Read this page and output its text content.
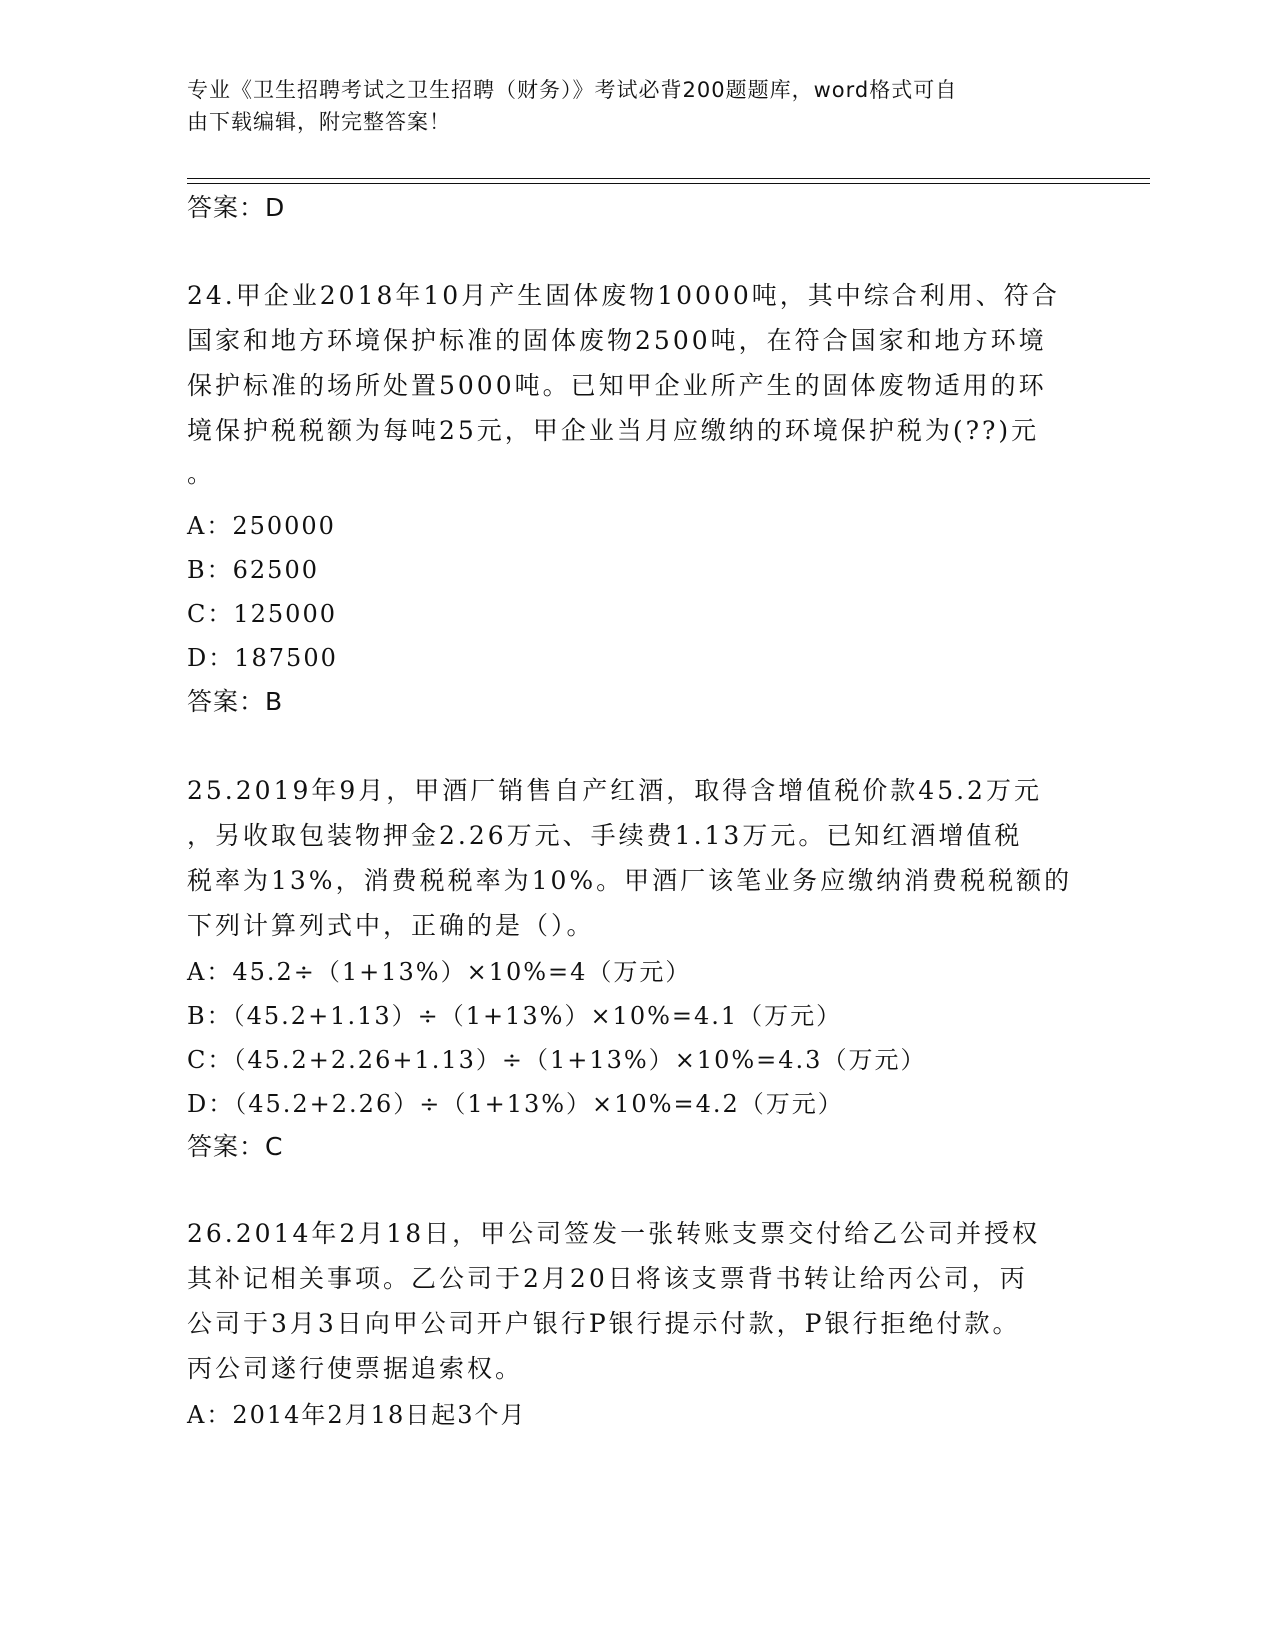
专业《卫生招聘考试之卫生招聘（财务）》考试必背200题题库，word格式可自
由下载编辑，附完整答案！
答案：D
24.甲企业2018年10月产生固体废物10000吨，其中综合利用、符合
国家和地方环境保护标准的固体废物2500吨，在符合国家和地方环境
保护标准的场所处置5000吨。已知甲企业所产生的固体废物适用的环
境保护税税额为每吨25元，甲企业当月应缴纳的环境保护税为(??)元
。
A：250000
B：62500
C：125000
D：187500
答案：B
25.2019年9月，甲酒厂销售自产红酒，取得含增值税价款45.2万元
，另收取包装物押金2.26万元、手续费1.13万元。已知红酒增值税
税率为13%，消费税税率为10%。甲酒厂该笔业务应缴纳消费税税额的
下列计算列式中，正确的是（）。
A：45.2÷（1+13%）×10%=4（万元）
B：（45.2+1.13）÷（1+13%）×10%=4.1（万元）
C：（45.2+2.26+1.13）÷（1+13%）×10%=4.3（万元）
D：（45.2+2.26）÷（1+13%）×10%=4.2（万元）
答案：C
26.2014年2月18日，甲公司签发一张转账支票交付给乙公司并授权
其补记相关事项。乙公司于2月20日将该支票背书转让给丙公司，丙
公司于3月3日向甲公司开户银行P银行提示付款，P银行拒绝付款。
丙公司遂行使票据追索权。
A：2014年2月18日起3个月
